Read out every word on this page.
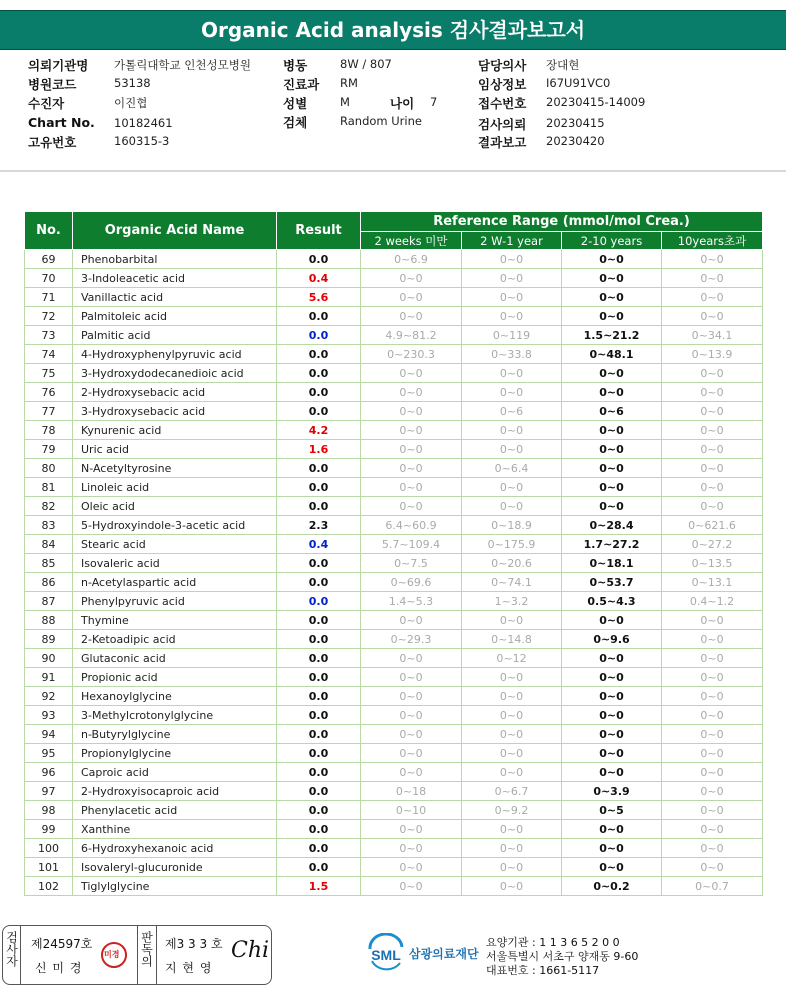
Organic Acid analysis 검사결과보고서
의뢰기관명 가톨릭대학교 인천성모병원
병원코드	53138
수진자	이진협
Chart No. 10182461
고유번호	160315-3
병동	8W / 807
진료과 RM
성별	M	나이 7
검체	Random Urine
담당의사 장대현
임상정보 I67U91VC0
접수번호 20230415-14009
검사의뢰 20230415
결과보고 20230420
No.	Organic Acid Name	Result	Reference Range (mmol/mol Crea.)			
			2 weeks 미만	2 W-1 year	2-10 years	10years초과
69	Phenobarbital	0.0	0~6.9	0~0	0~0	0~0
70	3-Indoleacetic acid	0.4	0~0	0~0	0~0	0~0
71	Vanillactic acid	5.6	0~0	0~0	0~0	0~0
72	Palmitoleic acid	0.0	0~0	0~0	0~0	0~0
73	Palmitic acid	0.0	4.9~81.2	0~119	1.5~21.2	0~34.1
74	4-Hydroxyphenylpyruvic acid	0.0	0~230.3	0~33.8	0~48.1	0~13.9
75	3-Hydroxydodecanedioic acid	0.0	0~0	0~0	0~0	0~0
76	2-Hydroxysebacic acid	0.0	0~0	0~0	0~0	0~0
77	3-Hydroxysebacic acid	0.0	0~0	0~6	0~6	0~0
78	Kynurenic acid	4.2	0~0	0~0	0~0	0~0
79	Uric acid	1.6	0~0	0~0	0~0	0~0
80	N-Acetyltyrosine	0.0	0~0	0~6.4	0~0	0~0
81	Linoleic acid	0.0	0~0	0~0	0~0	0~0
82	Oleic acid	0.0	0~0	0~0	0~0	0~0
83	5-Hydroxyindole-3-acetic acid	2.3	6.4~60.9	0~18.9	0~28.4	0~621.6
84	Stearic acid	0.4	5.7~109.4	0~175.9	1.7~27.2	0~27.2
85	Isovaleric acid	0.0	0~7.5	0~20.6	0~18.1	0~13.5
86	n-Acetylaspartic acid	0.0	0~69.6	0~74.1	0~53.7	0~13.1
87	Phenylpyruvic acid	0.0	1.4~5.3	1~3.2	0.5~4.3	0.4~1.2
88	Thymine	0.0	0~0	0~0	0~0	0~0
89	2-Ketoadipic acid	0.0	0~29.3	0~14.8	0~9.6	0~0
90	Glutaconic acid	0.0	0~0	0~12	0~0	0~0
91	Propionic acid	0.0	0~0	0~0	0~0	0~0
92	Hexanoylglycine	0.0	0~0	0~0	0~0	0~0
93	3-Methylcrotonylglycine	0.0	0~0	0~0	0~0	0~0
94	n-Butyrylglycine	0.0	0~0	0~0	0~0	0~0
95	Propionylglycine	0.0	0~0	0~0	0~0	0~0
96	Caproic acid	0.0	0~0	0~0	0~0	0~0
97	2-Hydroxyisocaproic acid	0.0	0~18	0~6.7	0~3.9	0~0
98	Phenylacetic acid	0.0	0~10	0~9.2	0~5	0~0
99	Xanthine	0.0	0~0	0~0	0~0	0~0
100	6-Hydroxyhexanoic acid	0.0	0~0	0~0	0~0	0~0
101	Isovaleryl-glucuronide	0.0	0~0	0~0	0~0	0~0
102	Tiglylglycine	1.5	0~0	0~0	0~0.2	0~0.7
검사자 제24597호
신 미 경
미경 판독의 제3 3 3 호
지 현 영
Chi	SML 삼광의료재단
요양기관 : 1 1 3 6 5 2 0 0
서울특별시 서초구 양재동 9-60
대표번호 : 1661-5117
